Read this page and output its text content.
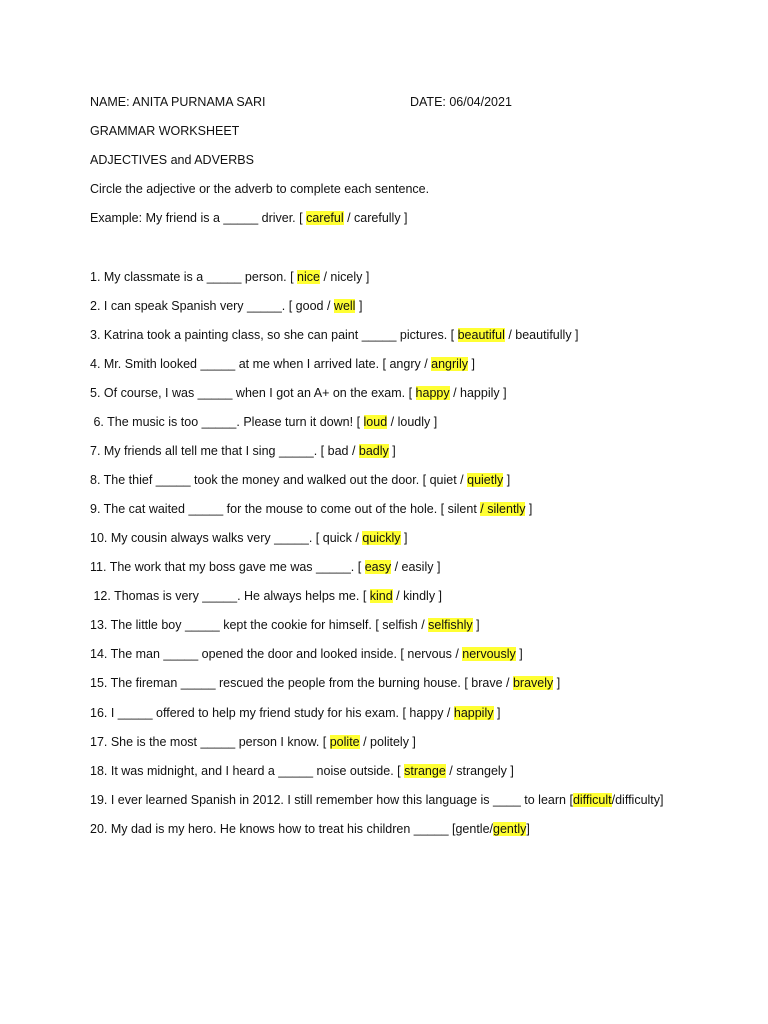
NAME: ANITA PURNAMA SARI	DATE: 06/04/2021
GRAMMAR WORKSHEET
ADJECTIVES and ADVERBS
Circle the adjective or the adverb to complete each sentence.
Example: My friend is a _____ driver. [ careful / carefully ]
1. My classmate is a _____ person. [ nice / nicely ]
2. I can speak Spanish very _____. [ good / well ]
3. Katrina took a painting class, so she can paint _____ pictures. [ beautiful / beautifully ]
4. Mr. Smith looked _____ at me when I arrived late. [ angry / angrily ]
5. Of course, I was _____ when I got an A+ on the exam. [ happy / happily ]
6. The music is too _____. Please turn it down! [ loud / loudly ]
7. My friends all tell me that I sing _____. [ bad / badly ]
8. The thief _____ took the money and walked out the door. [ quiet / quietly ]
9. The cat waited _____ for the mouse to come out of the hole. [ silent / silently ]
10. My cousin always walks very _____. [ quick / quickly ]
11. The work that my boss gave me was _____. [ easy / easily ]
12. Thomas is very _____. He always helps me. [ kind / kindly ]
13. The little boy _____ kept the cookie for himself. [ selfish / selfishly ]
14. The man _____ opened the door and looked inside. [ nervous / nervously ]
15. The fireman _____ rescued the people from the burning house. [ brave / bravely ]
16. I _____ offered to help my friend study for his exam. [ happy / happily ]
17. She is the most _____ person I know. [ polite / politely ]
18. It was midnight, and I heard a _____ noise outside. [ strange / strangely ]
19. I ever learned Spanish in 2012. I still remember how this language is ____ to learn [difficult/difficulty]
20. My dad is my hero. He knows how to treat his children _____ [gentle/gently]
